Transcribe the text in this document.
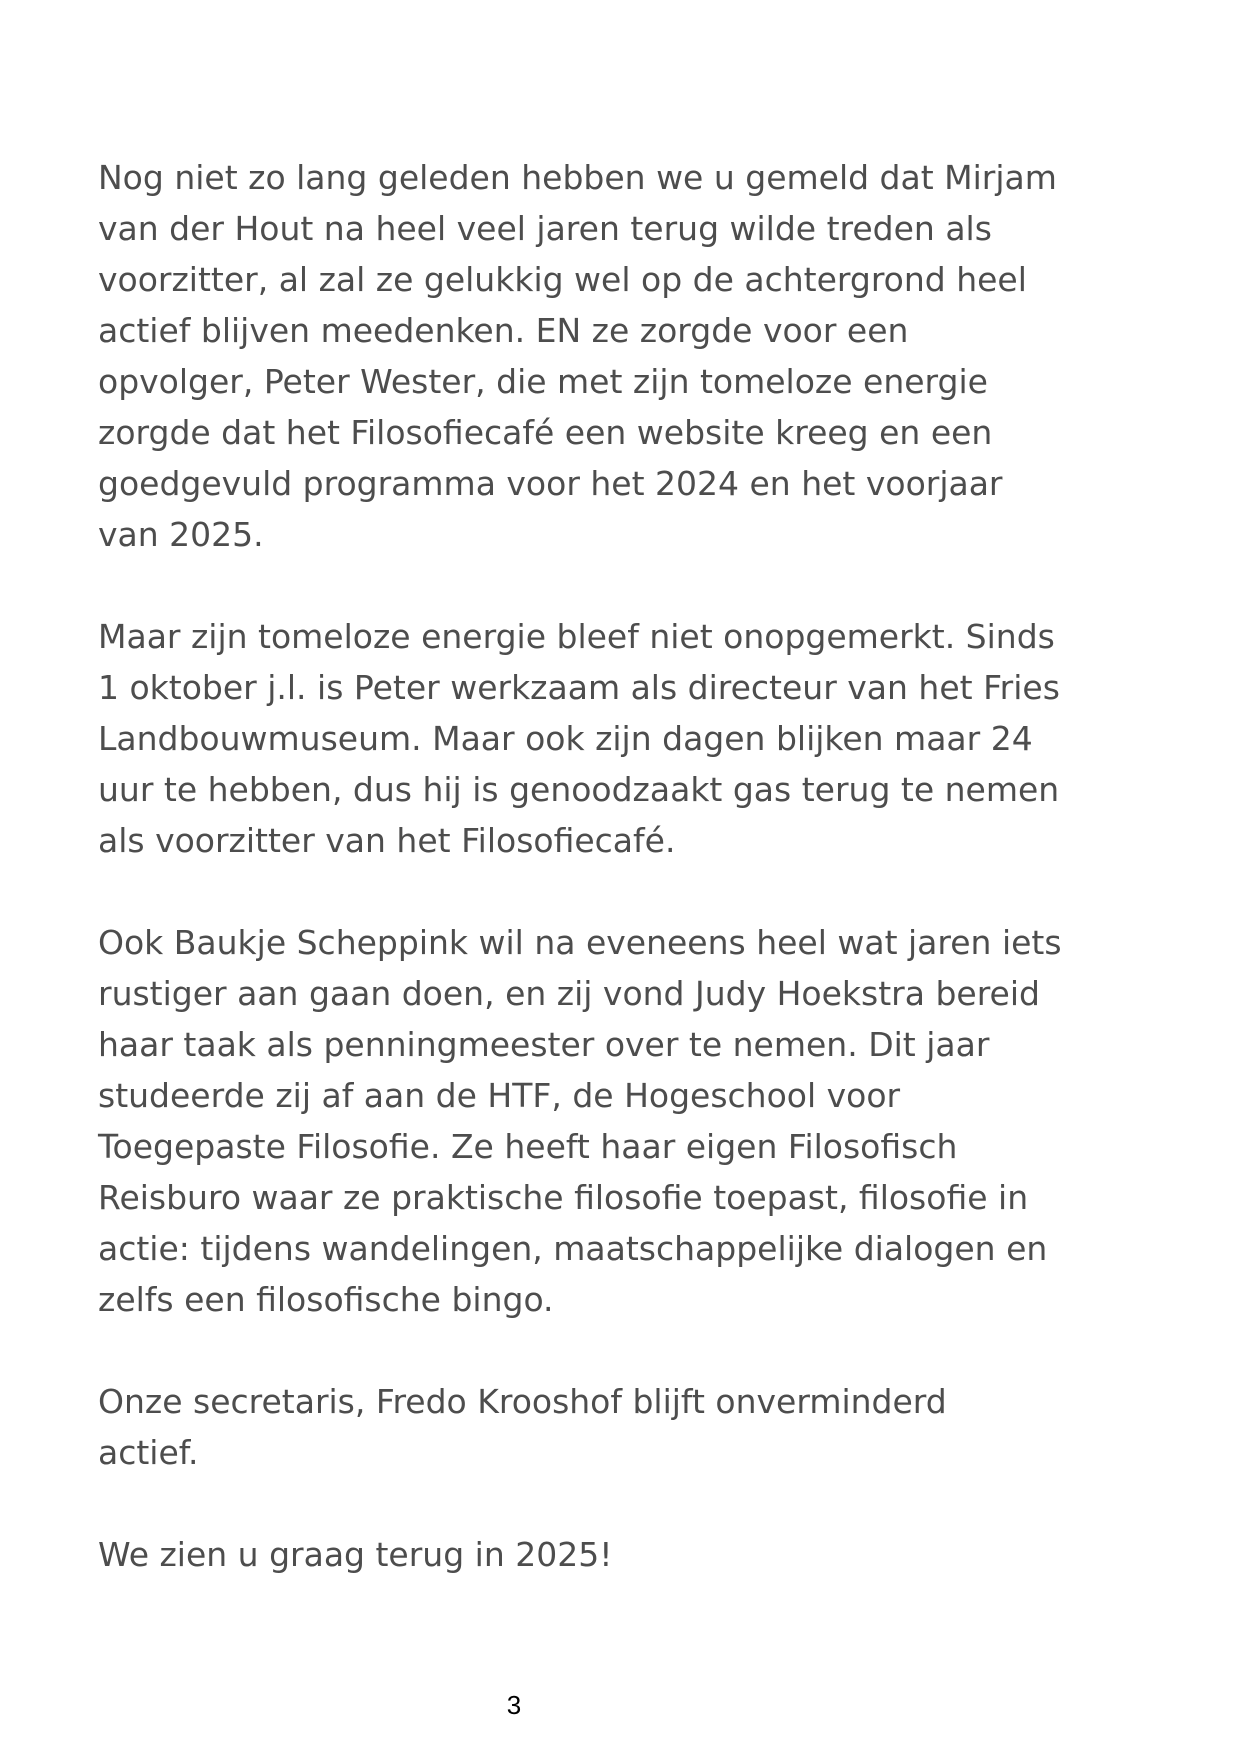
Nog niet zo lang geleden hebben we u gemeld dat Mirjam
van der Hout na heel veel jaren terug wilde treden als
voorzitter, al zal ze gelukkig wel op de achtergrond heel
actief blijven meedenken. EN ze zorgde voor een
opvolger, Peter Wester, die met zijn tomeloze energie
zorgde dat het Filosofiecafé een website kreeg en een
goedgevuld programma voor het 2024 en het voorjaar
van 2025.

Maar zijn tomeloze energie bleef niet onopgemerkt. Sinds
1 oktober j.l. is Peter werkzaam als directeur van het Fries
Landbouwmuseum. Maar ook zijn dagen blijken maar 24
uur te hebben, dus hij is genoodzaakt gas terug te nemen
als voorzitter van het Filosofiecafé.

Ook Baukje Scheppink wil na eveneens heel wat jaren iets
rustiger aan gaan doen, en zij vond Judy Hoekstra bereid
haar taak als penningmeester over te nemen. Dit jaar
studeerde zij af aan de HTF, de Hogeschool voor
Toegepaste Filosofie. Ze heeft haar eigen Filosofisch
Reisburo waar ze praktische filosofie toepast, filosofie in
actie: tijdens wandelingen, maatschappelijke dialogen en
zelfs een filosofische bingo.

Onze secretaris, Fredo Krooshof blijft onverminderd
actief.

We zien u graag terug in 2025!

3
